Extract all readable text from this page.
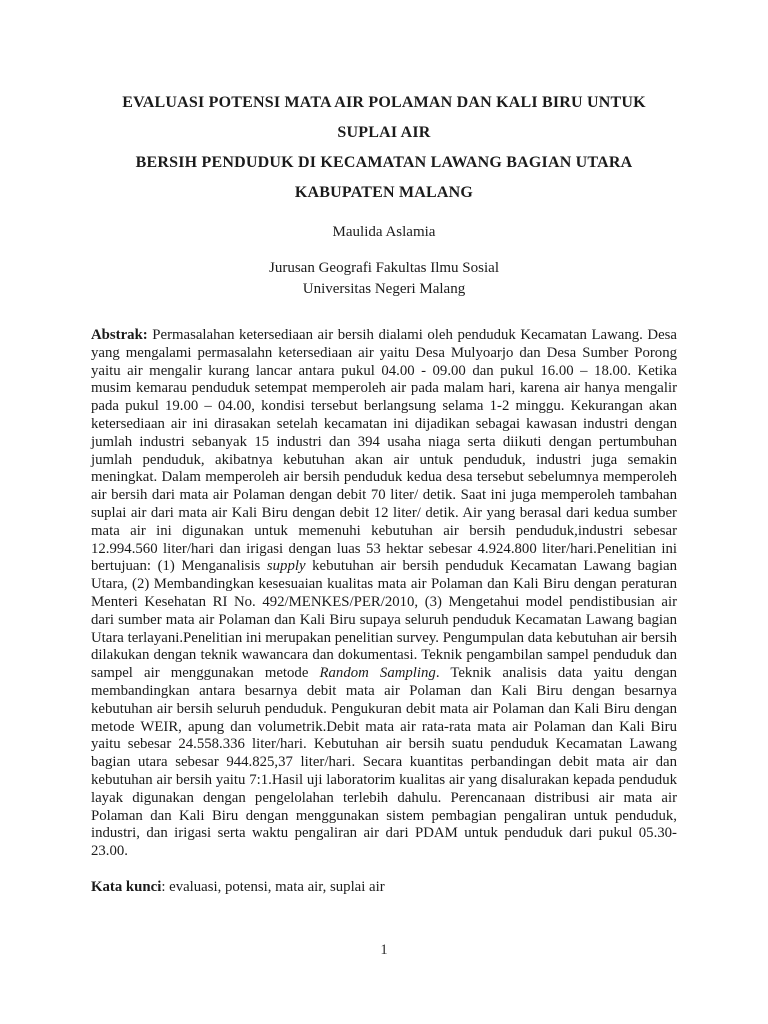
EVALUASI POTENSI MATA AIR POLAMAN DAN KALI BIRU UNTUK SUPLAI AIR
BERSIH PENDUDUK DI KECAMATAN LAWANG BAGIAN UTARA
KABUPATEN MALANG
Maulida Aslamia
Jurusan Geografi Fakultas Ilmu Sosial
Universitas Negeri Malang

Abstrak: Permasalahan ketersediaan air bersih dialami oleh penduduk Kecamatan Lawang. Desa yang mengalami permasalahn ketersediaan air yaitu Desa Mulyoarjo dan Desa Sumber Porong yaitu air mengalir kurang lancar antara pukul 04.00 - 09.00 dan pukul 16.00 – 18.00. Ketika musim kemarau penduduk setempat memperoleh air pada malam hari, karena air hanya mengalir pada pukul 19.00 – 04.00, kondisi tersebut berlangsung selama 1-2 minggu. Kekurangan akan ketersediaan air ini dirasakan setelah kecamatan ini dijadikan sebagai kawasan industri dengan jumlah industri sebanyak 15 industri dan 394 usaha niaga serta diikuti dengan pertumbuhan jumlah penduduk, akibatnya kebutuhan akan air untuk penduduk, industri juga semakin meningkat. Dalam memperoleh air bersih penduduk kedua desa tersebut sebelumnya memperoleh air bersih dari mata air Polaman dengan debit 70 liter/ detik. Saat ini juga memperoleh tambahan suplai air dari mata air Kali Biru dengan debit 12 liter/ detik. Air yang berasal dari kedua sumber mata air ini digunakan untuk memenuhi kebutuhan air bersih penduduk,industri sebesar 12.994.560 liter/hari dan irigasi dengan luas 53 hektar sebesar 4.924.800 liter/hari.Penelitian ini bertujuan: (1) Menganalisis supply kebutuhan air bersih penduduk Kecamatan Lawang bagian Utara, (2) Membandingkan kesesuaian kualitas mata air Polaman dan Kali Biru dengan peraturan Menteri Kesehatan RI No. 492/MENKES/PER/2010, (3) Mengetahui model pendistibusian air dari sumber mata air Polaman dan Kali Biru supaya seluruh penduduk Kecamatan Lawang bagian Utara terlayani.Penelitian ini merupakan penelitian survey. Pengumpulan data kebutuhan air bersih dilakukan dengan teknik wawancara dan dokumentasi. Teknik pengambilan sampel penduduk dan sampel air menggunakan metode Random Sampling. Teknik analisis data yaitu dengan membandingkan antara besarnya debit mata air Polaman dan Kali Biru dengan besarnya kebutuhan air bersih seluruh penduduk. Pengukuran debit mata air Polaman dan Kali Biru dengan metode WEIR, apung dan volumetrik.Debit mata air rata-rata mata air Polaman dan Kali Biru yaitu sebesar 24.558.336 liter/hari. Kebutuhan air bersih suatu penduduk Kecamatan Lawang bagian utara sebesar 944.825,37 liter/hari. Secara kuantitas perbandingan debit mata air dan kebutuhan air bersih yaitu 7:1.Hasil uji laboratorim kualitas air yang disalurakan kepada penduduk layak digunakan dengan pengelolahan terlebih dahulu. Perencanaan distribusi air mata air Polaman dan Kali Biru dengan menggunakan sistem pembagian pengaliran untuk penduduk, industri, dan irigasi serta waktu pengaliran air dari PDAM untuk penduduk dari pukul 05.30-23.00.

Kata kunci: evaluasi, potensi, mata air, suplai air

1
